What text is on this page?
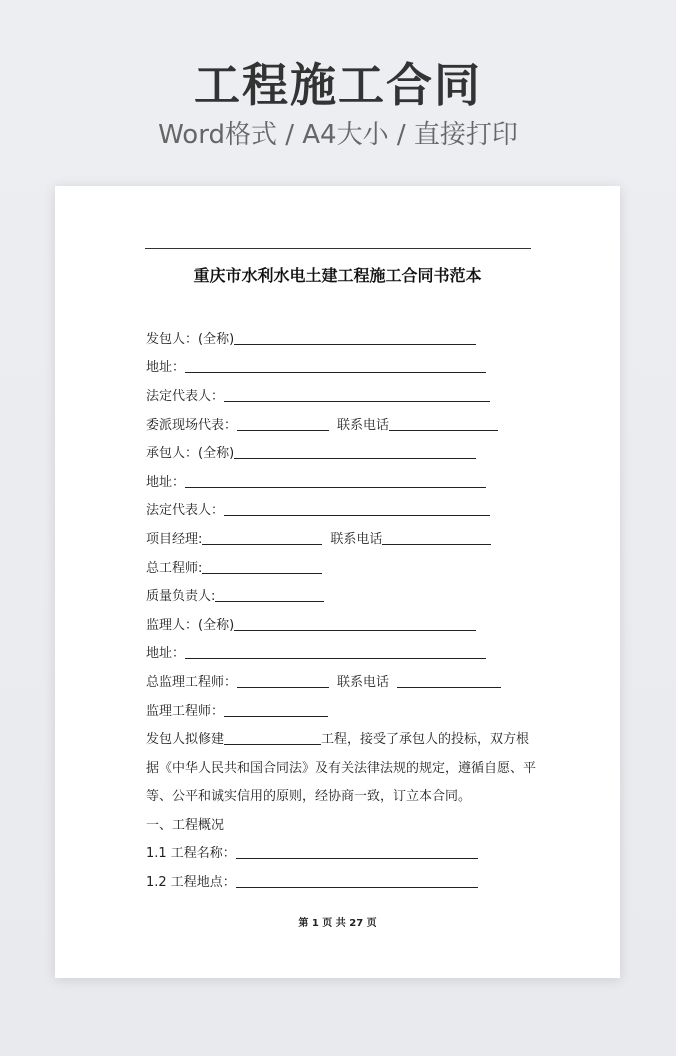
工程施工合同
Word格式 / A4大小 / 直接打印
重庆市水利水电土建工程施工合同书范本
发包人：(全称)
地址：
法定代表人：
委派现场代表：	联系电话
承包人：(全称)
地址：
法定代表人：
项目经理:	联系电话
总工程师:
质量负责人:
监理人：(全称)
地址：
总监理工程师：	联系电话
监理工程师：
发包人拟修建	工程，接受了承包人的投标，双方根
据《中华人民共和国合同法》及有关法律法规的规定，遵循自愿、平
等、公平和诚实信用的原则，经协商一致，订立本合同。
一、工程概况
1.1 工程名称：
1.2 工程地点：
第 1 页 共 27 页
